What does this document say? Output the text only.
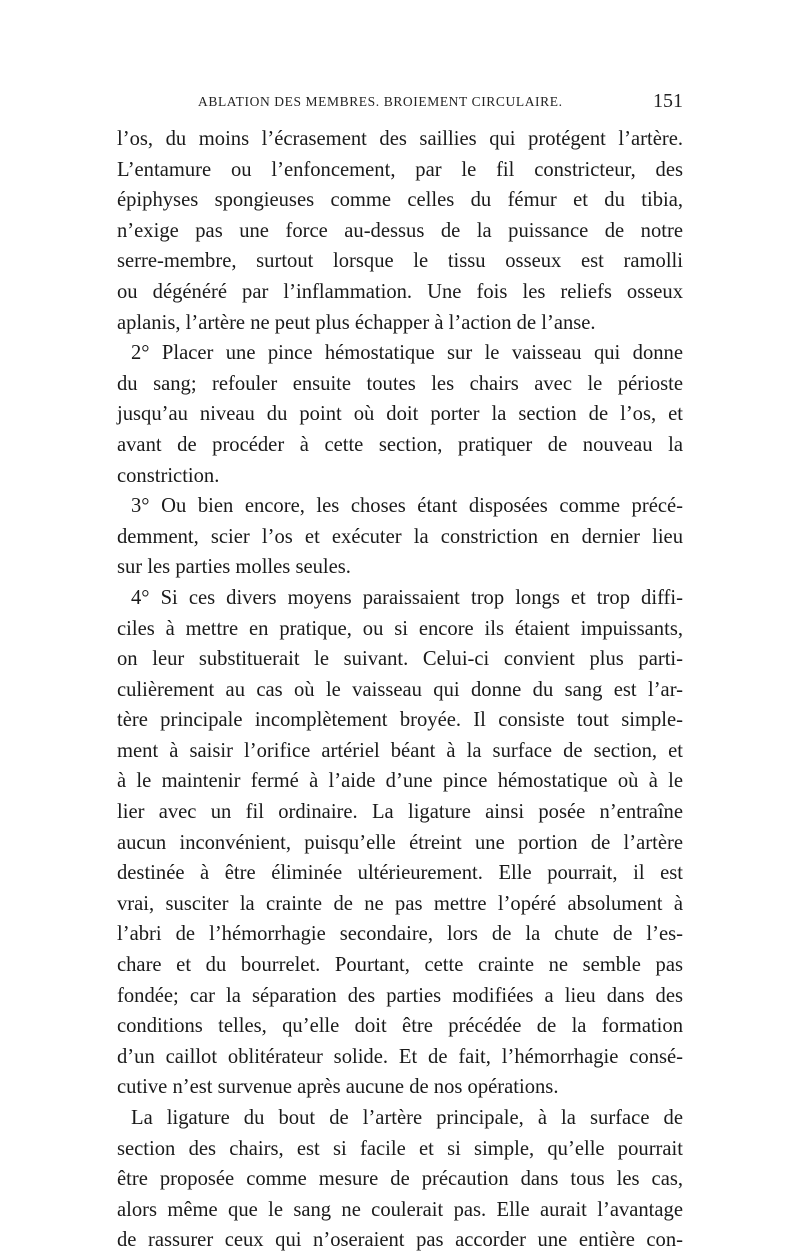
ABLATION DES MEMBRES. BROIEMENT CIRCULAIRE.	151
l’os, du moins l’écrasement des saillies qui protégent l’artère.
L’entamure ou l’enfoncement, par le fil constricteur, des
épiphyses spongieuses comme celles du fémur et du tibia,
n’exige pas une force au-dessus de la puissance de notre
serre-membre, surtout lorsque le tissu osseux est ramolli
ou dégénéré par l’inflammation. Une fois les reliefs osseux
aplanis, l’artère ne peut plus échapper à l’action de l’anse.
2° Placer une pince hémostatique sur le vaisseau qui donne
du sang; refouler ensuite toutes les chairs avec le périoste
jusqu’au niveau du point où doit porter la section de l’os, et
avant de procéder à cette section, pratiquer de nouveau la
constriction.
3° Ou bien encore, les choses étant disposées comme précé-
demment, scier l’os et exécuter la constriction en dernier lieu
sur les parties molles seules.
4° Si ces divers moyens paraissaient trop longs et trop diffi-
ciles à mettre en pratique, ou si encore ils étaient impuissants,
on leur substituerait le suivant. Celui-ci convient plus parti-
culièrement au cas où le vaisseau qui donne du sang est l’ar-
tère principale incomplètement broyée. Il consiste tout simple-
ment à saisir l’orifice artériel béant à la surface de section, et
à le maintenir fermé à l’aide d’une pince hémostatique où à le
lier avec un fil ordinaire. La ligature ainsi posée n’entraîne
aucun inconvénient, puisqu’elle étreint une portion de l’artère
destinée à être éliminée ultérieurement. Elle pourrait, il est
vrai, susciter la crainte de ne pas mettre l’opéré absolument à
l’abri de l’hémorrhagie secondaire, lors de la chute de l’es-
chare et du bourrelet. Pourtant, cette crainte ne semble pas
fondée; car la séparation des parties modifiées a lieu dans des
conditions telles, qu’elle doit être précédée de la formation
d’un caillot oblitérateur solide. Et de fait, l’hémorrhagie consé-
cutive n’est survenue après aucune de nos opérations.
La ligature du bout de l’artère principale, à la surface de
section des chairs, est si facile et si simple, qu’elle pourrait
être proposée comme mesure de précaution dans tous les cas,
alors même que le sang ne coulerait pas. Elle aurait l’avantage
de rassurer ceux qui n’oseraient pas accorder une entière con-
